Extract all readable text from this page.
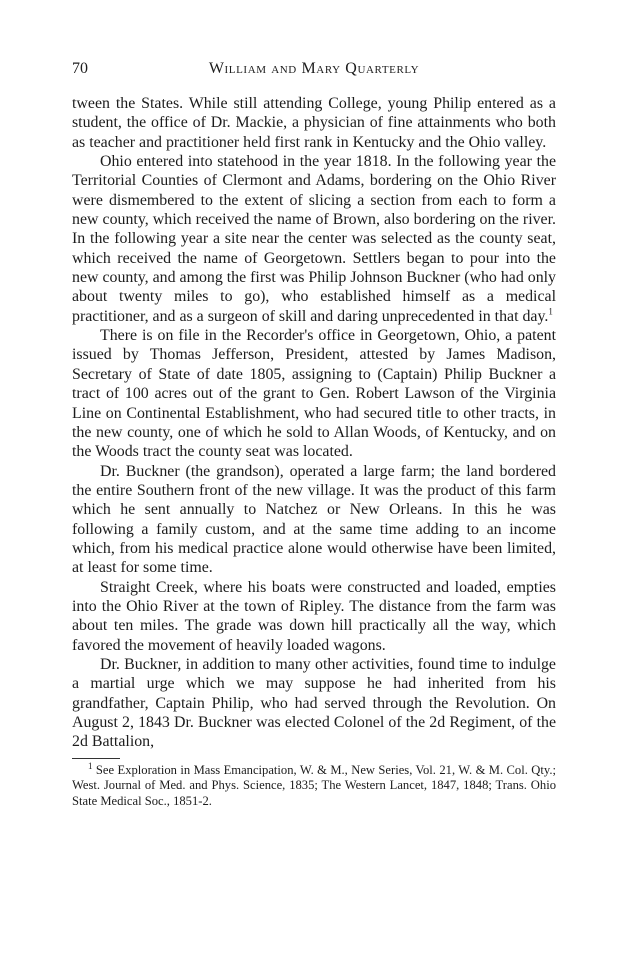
70	William and Mary Quarterly

tween the States. While still attending College, young Philip entered as a student, the office of Dr. Mackie, a physician of fine attainments who both as teacher and practitioner held first rank in Kentucky and the Ohio valley.

Ohio entered into statehood in the year 1818. In the following year the Territorial Counties of Clermont and Adams, bordering on the Ohio River were dismembered to the extent of slicing a section from each to form a new county, which received the name of Brown, also bordering on the river. In the following year a site near the center was selected as the county seat, which received the name of Georgetown. Settlers began to pour into the new county, and among the first was Philip Johnson Buckner (who had only about twenty miles to go), who established himself as a medical practitioner, and as a surgeon of skill and daring unprecedented in that day.$^1$

There is on file in the Recorder's office in Georgetown, Ohio, a patent issued by Thomas Jefferson, President, attested by James Madison, Secretary of State of date 1805, assigning to (Captain) Philip Buckner a tract of 100 acres out of the grant to Gen. Robert Lawson of the Virginia Line on Continental Establishment, who had secured title to other tracts, in the new county, one of which he sold to Allan Woods, of Kentucky, and on the Woods tract the county seat was located.

Dr. Buckner (the grandson), operated a large farm; the land bordered the entire Southern front of the new village. It was the product of this farm which he sent annually to Natchez or New Orleans. In this he was following a family custom, and at the same time adding to an income which, from his medical practice alone would otherwise have been limited, at least for some time.

Straight Creek, where his boats were constructed and loaded, empties into the Ohio River at the town of Ripley. The distance from the farm was about ten miles. The grade was down hill practically all the way, which favored the movement of heavily loaded wagons.

Dr. Buckner, in addition to many other activities, found time to indulge a martial urge which we may suppose he had inherited from his grandfather, Captain Philip, who had served through the Revolution. On August 2, 1843 Dr. Buckner was elected Colonel of the 2d Regiment, of the 2d Battalion,

$^1$ See Exploration in Mass Emancipation, W. & M., New Series, Vol. 21, W. & M. Col. Qty.; West. Journal of Med. and Phys. Science, 1835; The Western Lancet, 1847, 1848; Trans. Ohio State Medical Soc., 1851-2.
